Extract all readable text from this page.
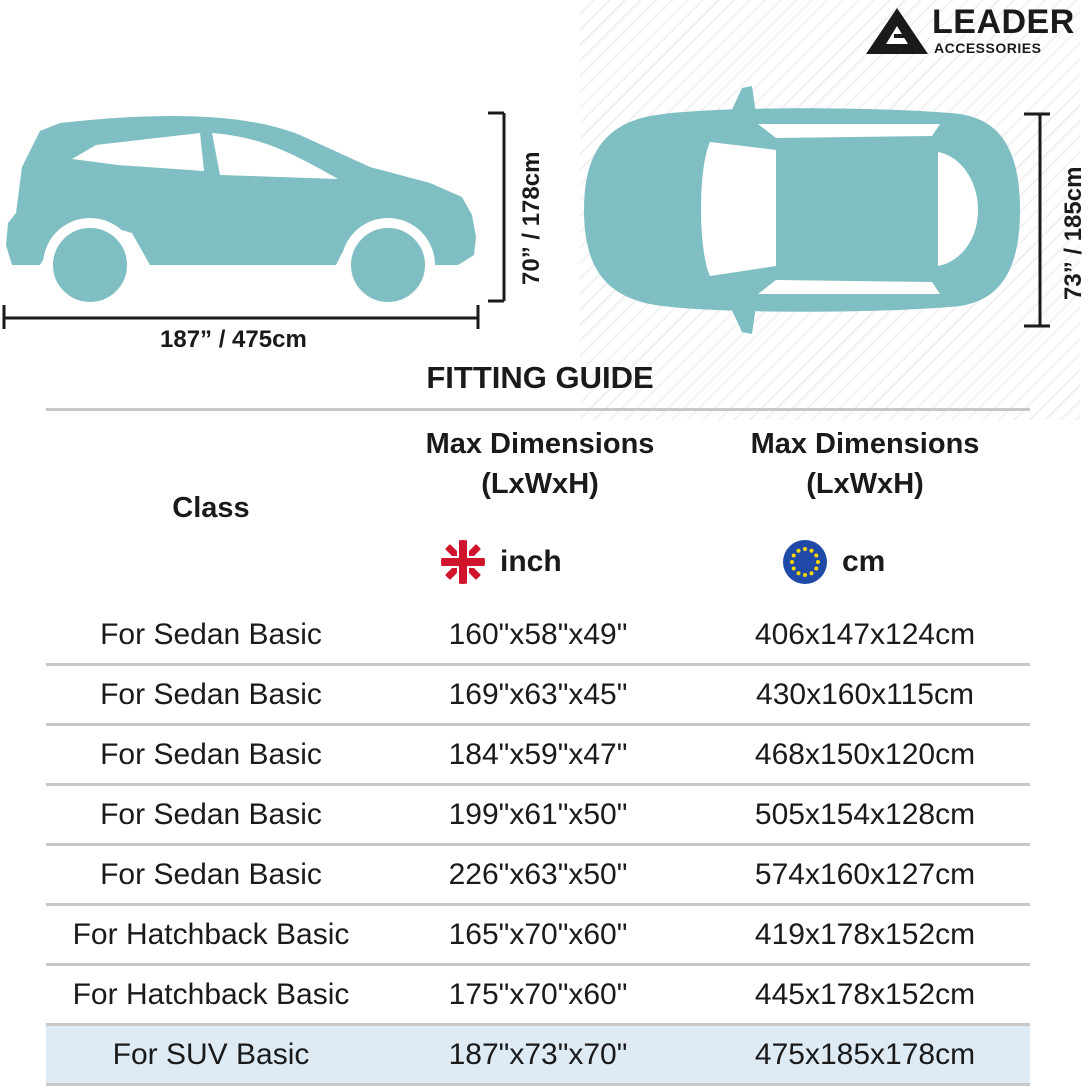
LEADER
ACCESSORIES
187” / 475cm
70” / 178cm	73” / 185cm
FITTING GUIDE
Class
Max Dimensions
(LxWxH)
Max Dimensions
(LxWxH)
inch	cm
For Sedan Basic	160"x58"x49"	406x147x124cm
For Sedan Basic	169"x63"x45"	430x160x115cm
For Sedan Basic	184"x59"x47"	468x150x120cm
For Sedan Basic	199"x61"x50"	505x154x128cm
For Sedan Basic	226"x63"x50"	574x160x127cm
For Hatchback Basic	165"x70"x60"	419x178x152cm
For Hatchback Basic	175"x70"x60"	445x178x152cm
For SUV Basic	187"x73"x70"	475x185x178cm
